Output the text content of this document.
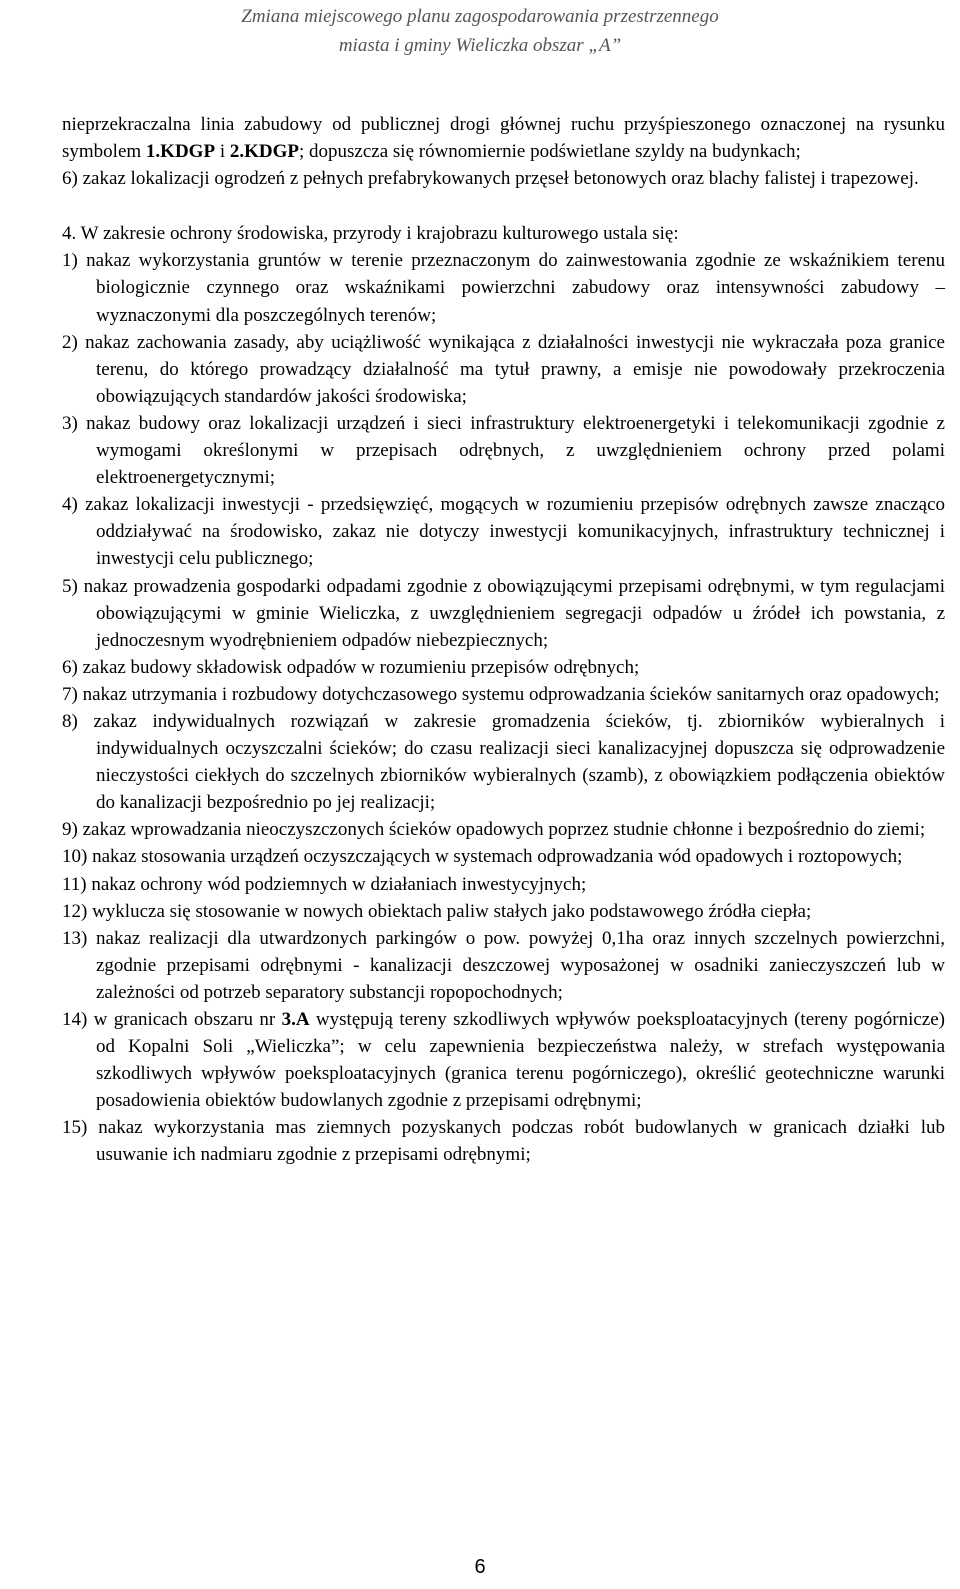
Zmiana miejscowego planu zagospodarowania przestrzennego
miasta i gminy Wieliczka obszar „A”

nieprzekraczalna linia zabudowy od publicznej drogi głównej ruchu przyśpieszonego oznaczonej na rysunku symbolem 1.KDGP i 2.KDGP; dopuszcza się równomiernie podświetlane szyldy na budynkach;

6) zakaz lokalizacji ogrodzeń z pełnych prefabrykowanych przęseł betonowych oraz blachy falistej i trapezowej.

4. W zakresie ochrony środowiska, przyrody i krajobrazu kulturowego ustala się:

1) nakaz wykorzystania gruntów w terenie przeznaczonym do zainwestowania zgodnie ze wskaźnikiem terenu biologicznie czynnego oraz wskaźnikami powierzchni zabudowy oraz intensywności zabudowy – wyznaczonymi dla poszczególnych terenów;

2) nakaz zachowania zasady, aby uciążliwość wynikająca z działalności inwestycji nie wykraczała poza granice terenu, do którego prowadzący działalność ma tytuł prawny, a emisje nie powodowały przekroczenia obowiązujących standardów jakości środowiska;

3) nakaz budowy oraz lokalizacji urządzeń i sieci infrastruktury elektroenergetyki i telekomunikacji zgodnie z wymogami określonymi w przepisach odrębnych, z uwzględnieniem ochrony przed polami elektroenergetycznymi;

4) zakaz lokalizacji inwestycji - przedsięwzięć, mogących w rozumieniu przepisów odrębnych zawsze znacząco oddziaływać na środowisko, zakaz nie dotyczy inwestycji komunikacyjnych, infrastruktury technicznej i inwestycji celu publicznego;

5) nakaz prowadzenia gospodarki odpadami zgodnie z obowiązującymi przepisami odrębnymi, w tym regulacjami obowiązującymi w gminie Wieliczka, z uwzględnieniem segregacji odpadów u źródeł ich powstania, z jednoczesnym wyodrębnieniem odpadów niebezpiecznych;

6) zakaz budowy składowisk odpadów w rozumieniu przepisów odrębnych;

7) nakaz utrzymania i rozbudowy dotychczasowego systemu odprowadzania ścieków sanitarnych oraz opadowych;

8) zakaz indywidualnych rozwiązań w zakresie gromadzenia ścieków, tj. zbiorników wybieralnych i indywidualnych oczyszczalni ścieków; do czasu realizacji sieci kanalizacyjnej dopuszcza się odprowadzenie nieczystości ciekłych do szczelnych zbiorników wybieralnych (szamb), z obowiązkiem podłączenia obiektów do kanalizacji bezpośrednio po jej realizacji;

9) zakaz wprowadzania nieoczyszczonych ścieków opadowych poprzez studnie chłonne i bezpośrednio do ziemi;

10) nakaz stosowania urządzeń oczyszczających w systemach odprowadzania wód opadowych i roztopowych;

11) nakaz ochrony wód podziemnych w działaniach inwestycyjnych;

12) wyklucza się stosowanie w nowych obiektach paliw stałych jako podstawowego źródła ciepła;

13) nakaz realizacji dla utwardzonych parkingów o pow. powyżej 0,1ha oraz innych szczelnych powierzchni, zgodnie przepisami odrębnymi - kanalizacji deszczowej wyposażonej w osadniki zanieczyszczeń lub w zależności od potrzeb separatory substancji ropopochodnych;

14) w granicach obszaru nr 3.A występują tereny szkodliwych wpływów poeksploatacyjnych (tereny pogórnicze) od Kopalni Soli „Wieliczka”; w celu zapewnienia bezpieczeństwa należy, w strefach występowania szkodliwych wpływów poeksploatacyjnych (granica terenu pogórniczego), określić geotechniczne warunki posadowienia obiektów budowlanych zgodnie z przepisami odrębnymi;

15) nakaz wykorzystania mas ziemnych pozyskanych podczas robót budowlanych w granicach działki lub usuwanie ich nadmiaru zgodnie z przepisami odrębnymi;

6
